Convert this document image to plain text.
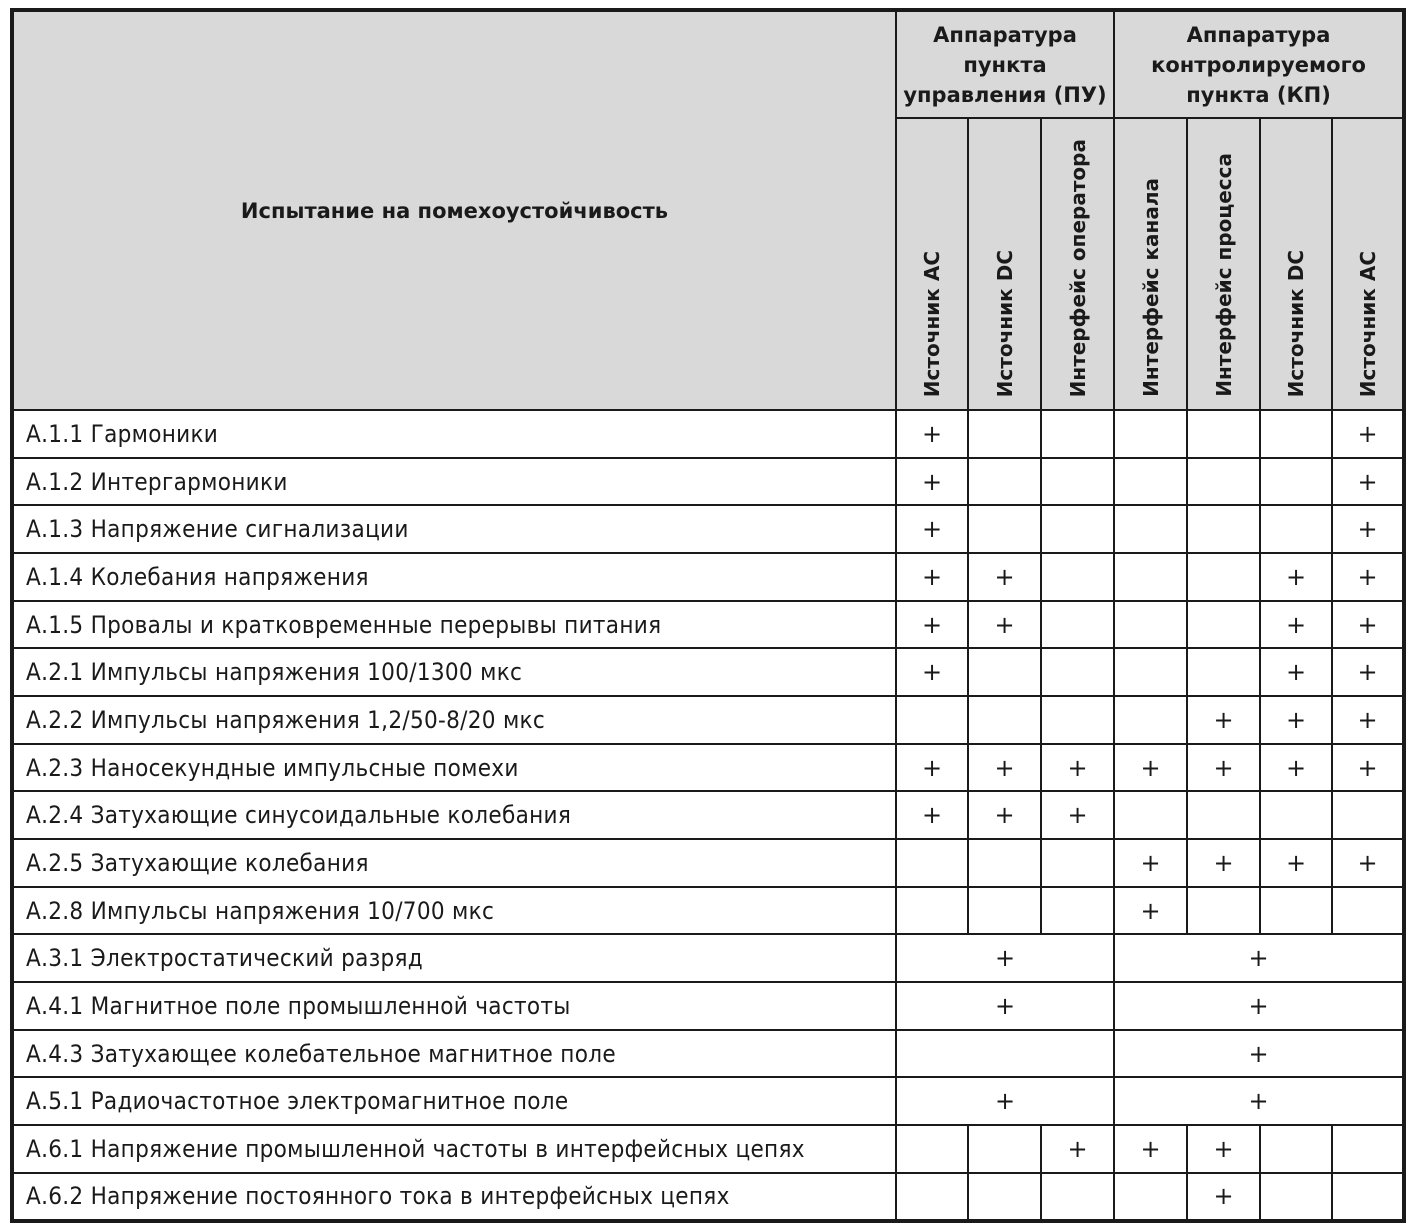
Испытание на помехоустойчивость	Аппаратура пункта управления (ПУ)			Аппаратура контролируемого пункта (КП)			

	Источник AC	Источник DC	Интерфейс оператора	Интерфейс канала	Интерфейс процесса	Источник DC	Источник AC

А.1.1 Гармоники	+						+
А.1.2 Интергармоники	+						+
А.1.3 Напряжение сигнализации	+						+
А.1.4 Колебания напряжения	+	+				+	+
А.1.5 Провалы и кратковременные перерывы питания	+	+				+	+
А.2.1 Импульсы напряжения 100/1300 мкс	+					+	+
А.2.2 Импульсы напряжения 1,2/50-8/20 мкс					+	+	+
А.2.3 Наносекундные импульсные помехи	+	+	+	+	+	+	+
А.2.4 Затухающие синусоидальные колебания	+	+	+				
А.2.5 Затухающие колебания				+	+	+	+
А.2.8 Импульсы напряжения 10/700 мкс				+			
А.3.1 Электростатический разряд	+			+			
А.4.1 Магнитное поле промышленной частоты	+			+			
А.4.3 Затухающее колебательное магнитное поле				+			
А.5.1 Радиочастотное электромагнитное поле	+			+			
А.6.1 Напряжение промышленной частоты в интерфейсных цепях			+	+	+		
А.6.2 Напряжение постоянного тока в интерфейсных цепях					+		
